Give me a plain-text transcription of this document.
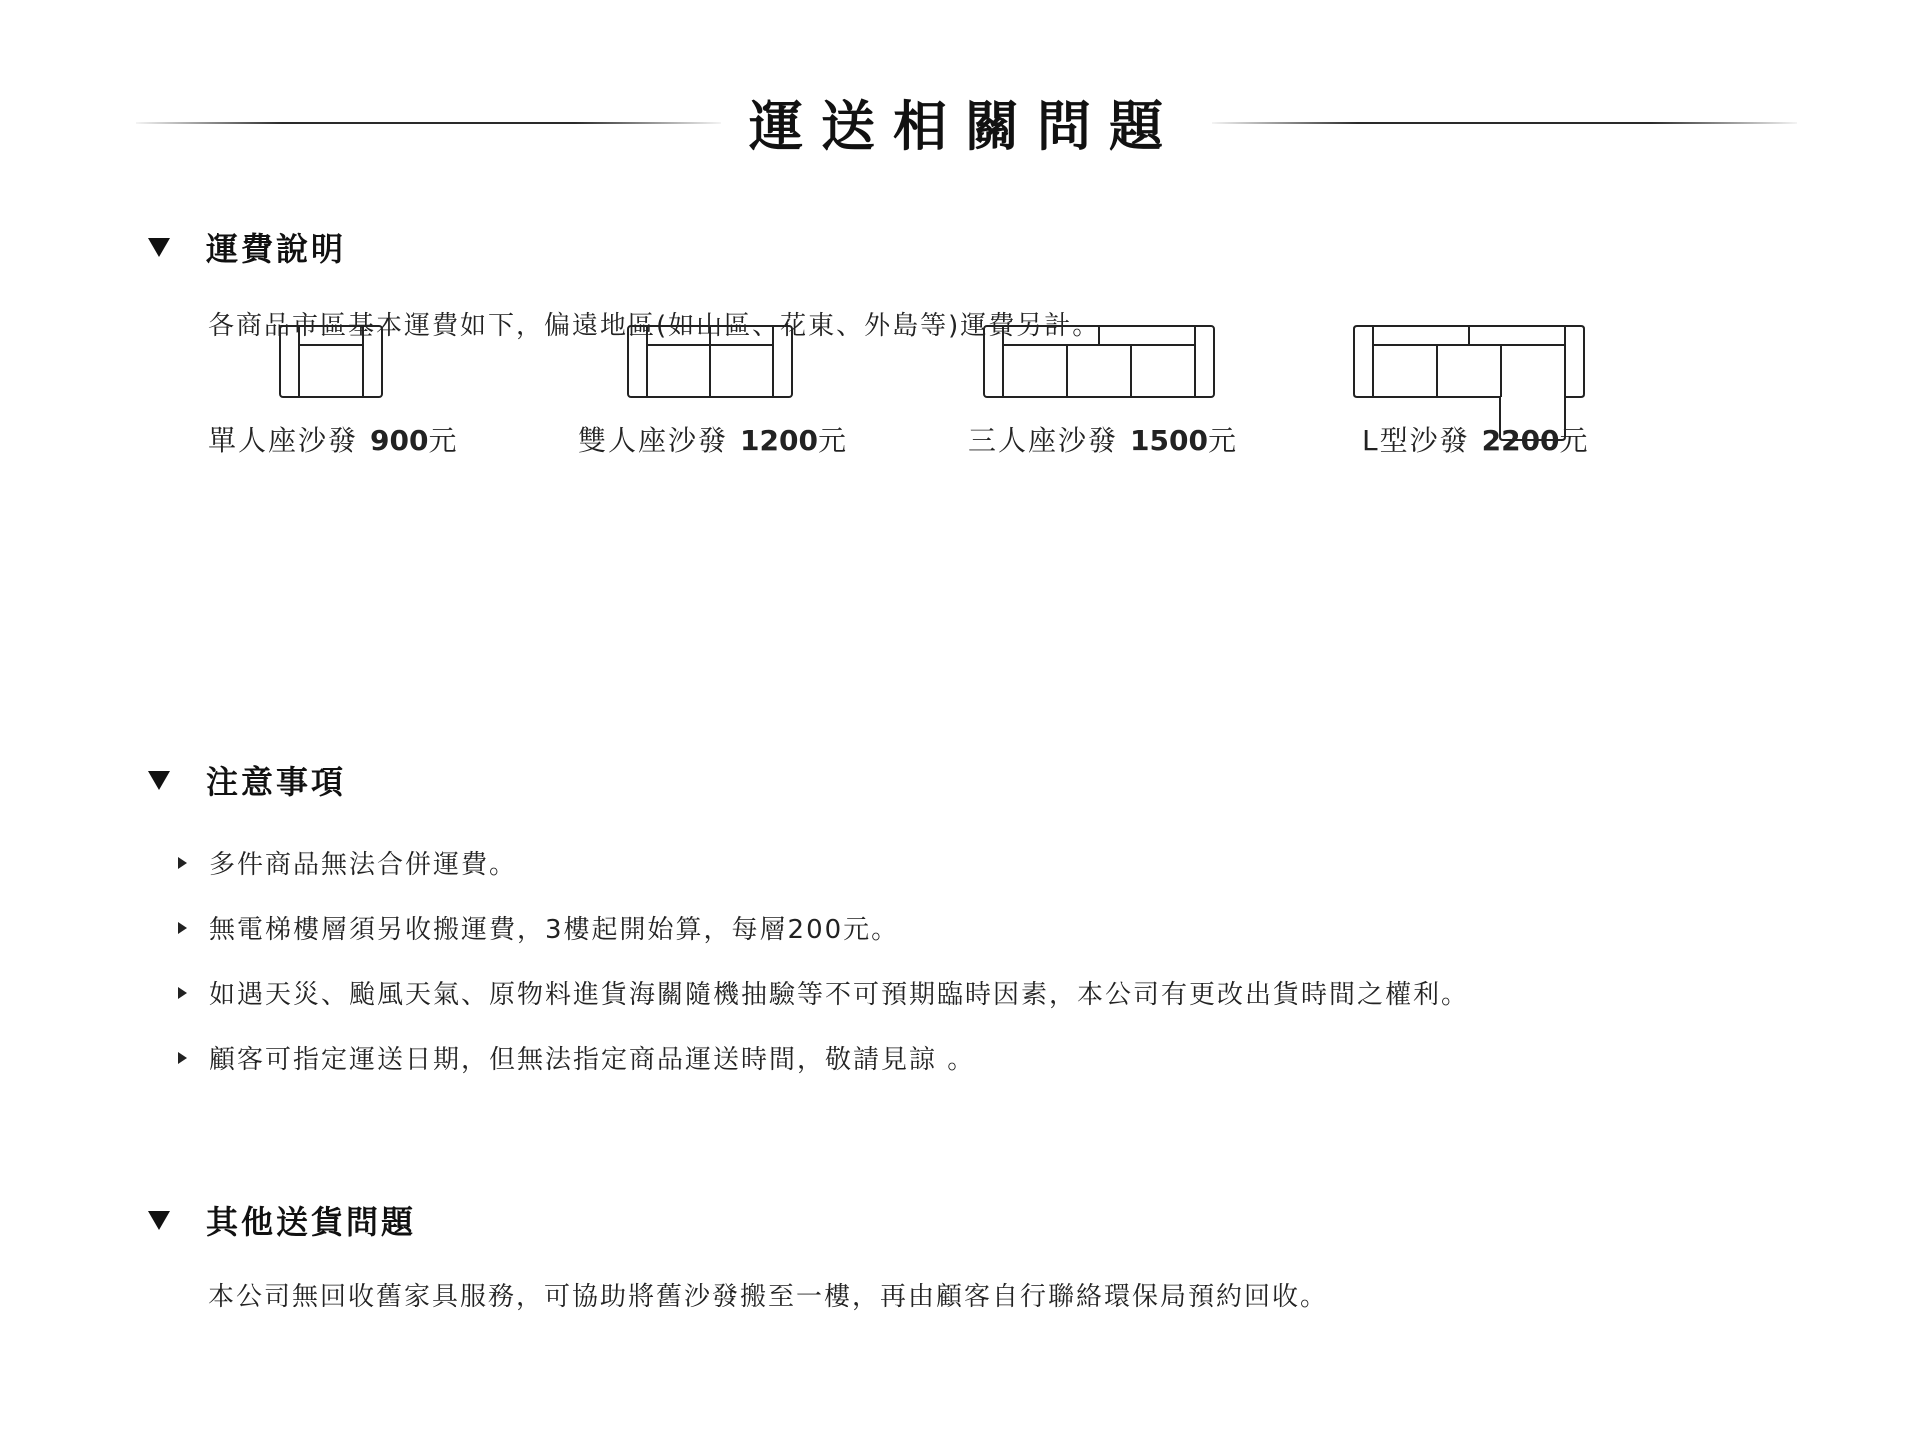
運送相關問題
運費說明
各商品市區基本運費如下，偏遠地區(如山區、花東、外島等)運費另計。
單人座沙發 900元	雙人座沙發 1200元	三人座沙發 1500元	L型沙發 2200元
注意事項
多件商品無法合併運費。
無電梯樓層須另收搬運費，3樓起開始算，每層200元。
如遇天災、颱風天氣、原物料進貨海關隨機抽驗等不可預期臨時因素，本公司有更改出貨時間之權利。
顧客可指定運送日期，但無法指定商品運送時間，敬請見諒 。
其他送貨問題
本公司無回收舊家具服務，可協助將舊沙發搬至一樓，再由顧客自行聯絡環保局預約回收。
